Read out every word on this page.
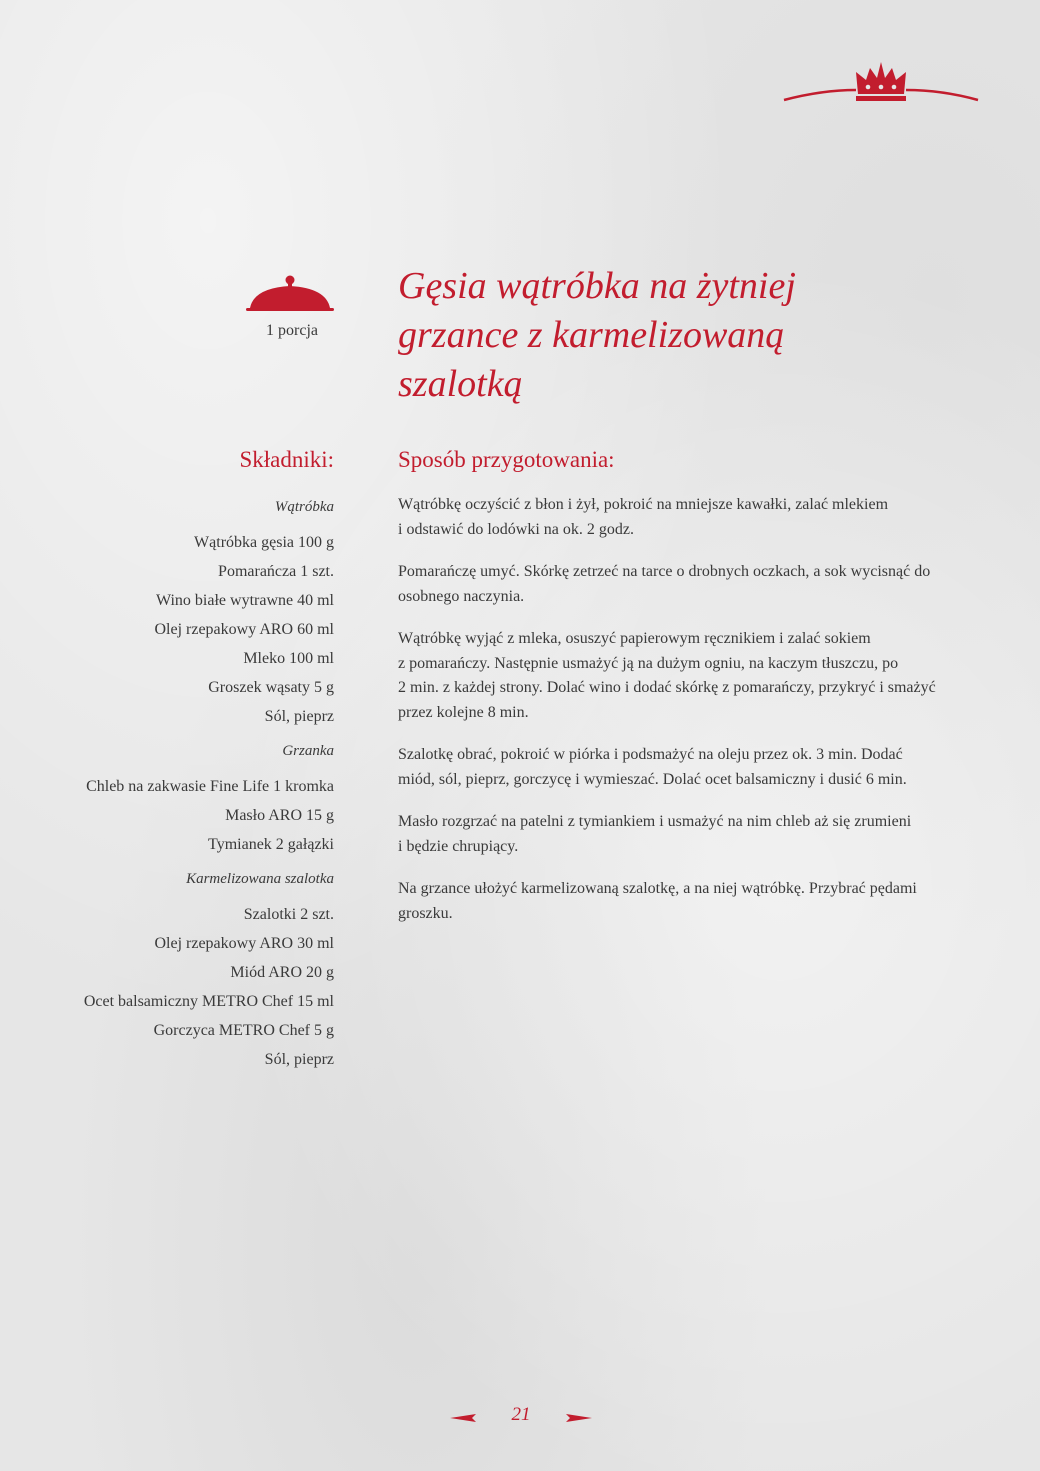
1 porcja
Gęsia wątróbka na żytniej
grzance z karmelizowaną
szalotką
Składniki:
Wątróbka
Wątróbka gęsia 100 g
Pomarańcza 1 szt.
Wino białe wytrawne 40 ml
Olej rzepakowy ARO 60 ml
Mleko 100 ml
Groszek wąsaty 5 g
Sól, pieprz
Grzanka
Chleb na zakwasie Fine Life 1 kromka
Masło ARO 15 g
Tymianek 2 gałązki
Karmelizowana szalotka
Szalotki 2 szt.
Olej rzepakowy ARO 30 ml
Miód ARO 20 g
Ocet balsamiczny METRO Chef 15 ml
Gorczyca METRO Chef 5 g
Sól, pieprz
Sposób przygotowania:

Wątróbkę oczyścić z błon i żył, pokroić na mniejsze kawałki, zalać mlekiem
i odstawić do lodówki na ok. 2 godz.

Pomarańczę umyć. Skórkę zetrzeć na tarce o drobnych oczkach, a sok wycisnąć do
osobnego naczynia.

Wątróbkę wyjąć z mleka, osuszyć papierowym ręcznikiem i zalać sokiem
z pomarańczy. Następnie usmażyć ją na dużym ogniu, na kaczym tłuszczu, po
2 min. z każdej strony. Dolać wino i dodać skórkę z pomarańczy, przykryć i smażyć
przez kolejne 8 min.

Szalotkę obrać, pokroić w piórka i podsmażyć na oleju przez ok. 3 min. Dodać
miód, sól, pieprz, gorczycę i wymieszać. Dolać ocet balsamiczny i dusić 6 min.

Masło rozgrzać na patelni z tymiankiem i usmażyć na nim chleb aż się zrumieni
i będzie chrupiący.

Na grzance ułożyć karmelizowaną szalotkę, a na niej wątróbkę. Przybrać pędami
groszku.

21
